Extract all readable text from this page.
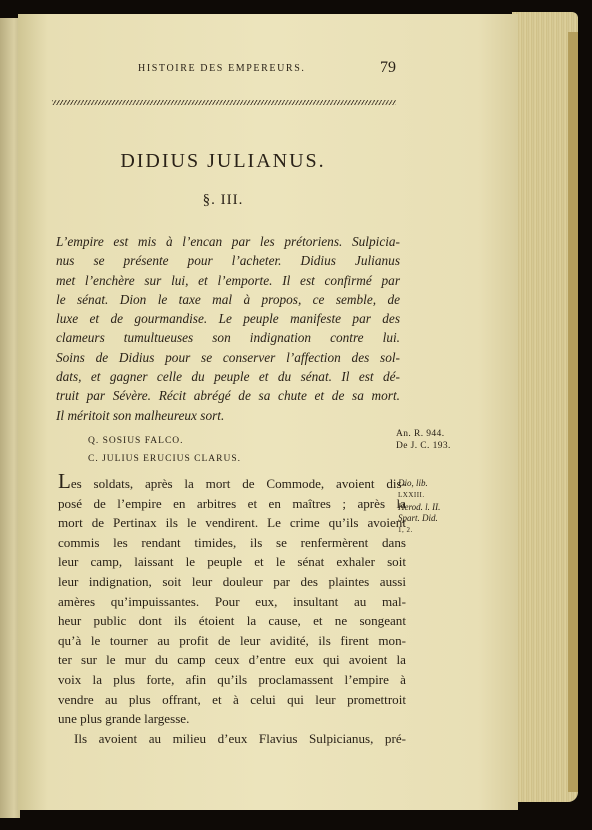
HISTOIRE DES EMPEREURS.	79
DIDIUS JULIANUS.
§. III.
L’empire est mis à l’encan par les prétoriens. Sulpicia-
nus se présente pour l’acheter. Didius Julianus
met l’enchère sur lui, et l’emporte. Il est confirmé par
le sénat. Dion le taxe mal à propos, ce semble, de
luxe et de gourmandise. Le peuple manifeste par des
clameurs tumultueuses son indignation contre lui.
Soins de Didius pour se conserver l’affection des sol-
dats, et gagner celle du peuple et du sénat. Il est dé-
truit par Sévère. Récit abrégé de sa chute et de sa mort.
Il méritoit son malheureux sort.
Q. SOSIUS FALCO.
C. JULIUS ERUCIUS CLARUS.
An. R. 944.
De J. C. 193.
Les soldats, après la mort de Commode, avoient dis-
posé de l’empire en arbitres et en maîtres ; après la
mort de Pertinax ils le vendirent. Le crime qu’ils avoient
commis les rendant timides, ils se renfermèrent dans
leur camp, laissant le peuple et le sénat exhaler soit
leur indignation, soit leur douleur par des plaintes aussi
amères qu’impuissantes. Pour eux, insultant au mal-
heur public dont ils étoient la cause, et ne songeant
qu’à le tourner au profit de leur avidité, ils firent mon-
ter sur le mur du camp ceux d’entre eux qui avoient la
voix la plus forte, afin qu’ils proclamassent l’empire à
vendre au plus offrant, et à celui qui leur promettroit
une plus grande largesse.
Ils avoient au milieu d’eux Flavius Sulpicianus, pré-
Dio, lib.
LXXIII.
Herod. l. II.
Spart. Did.
1, 2.
